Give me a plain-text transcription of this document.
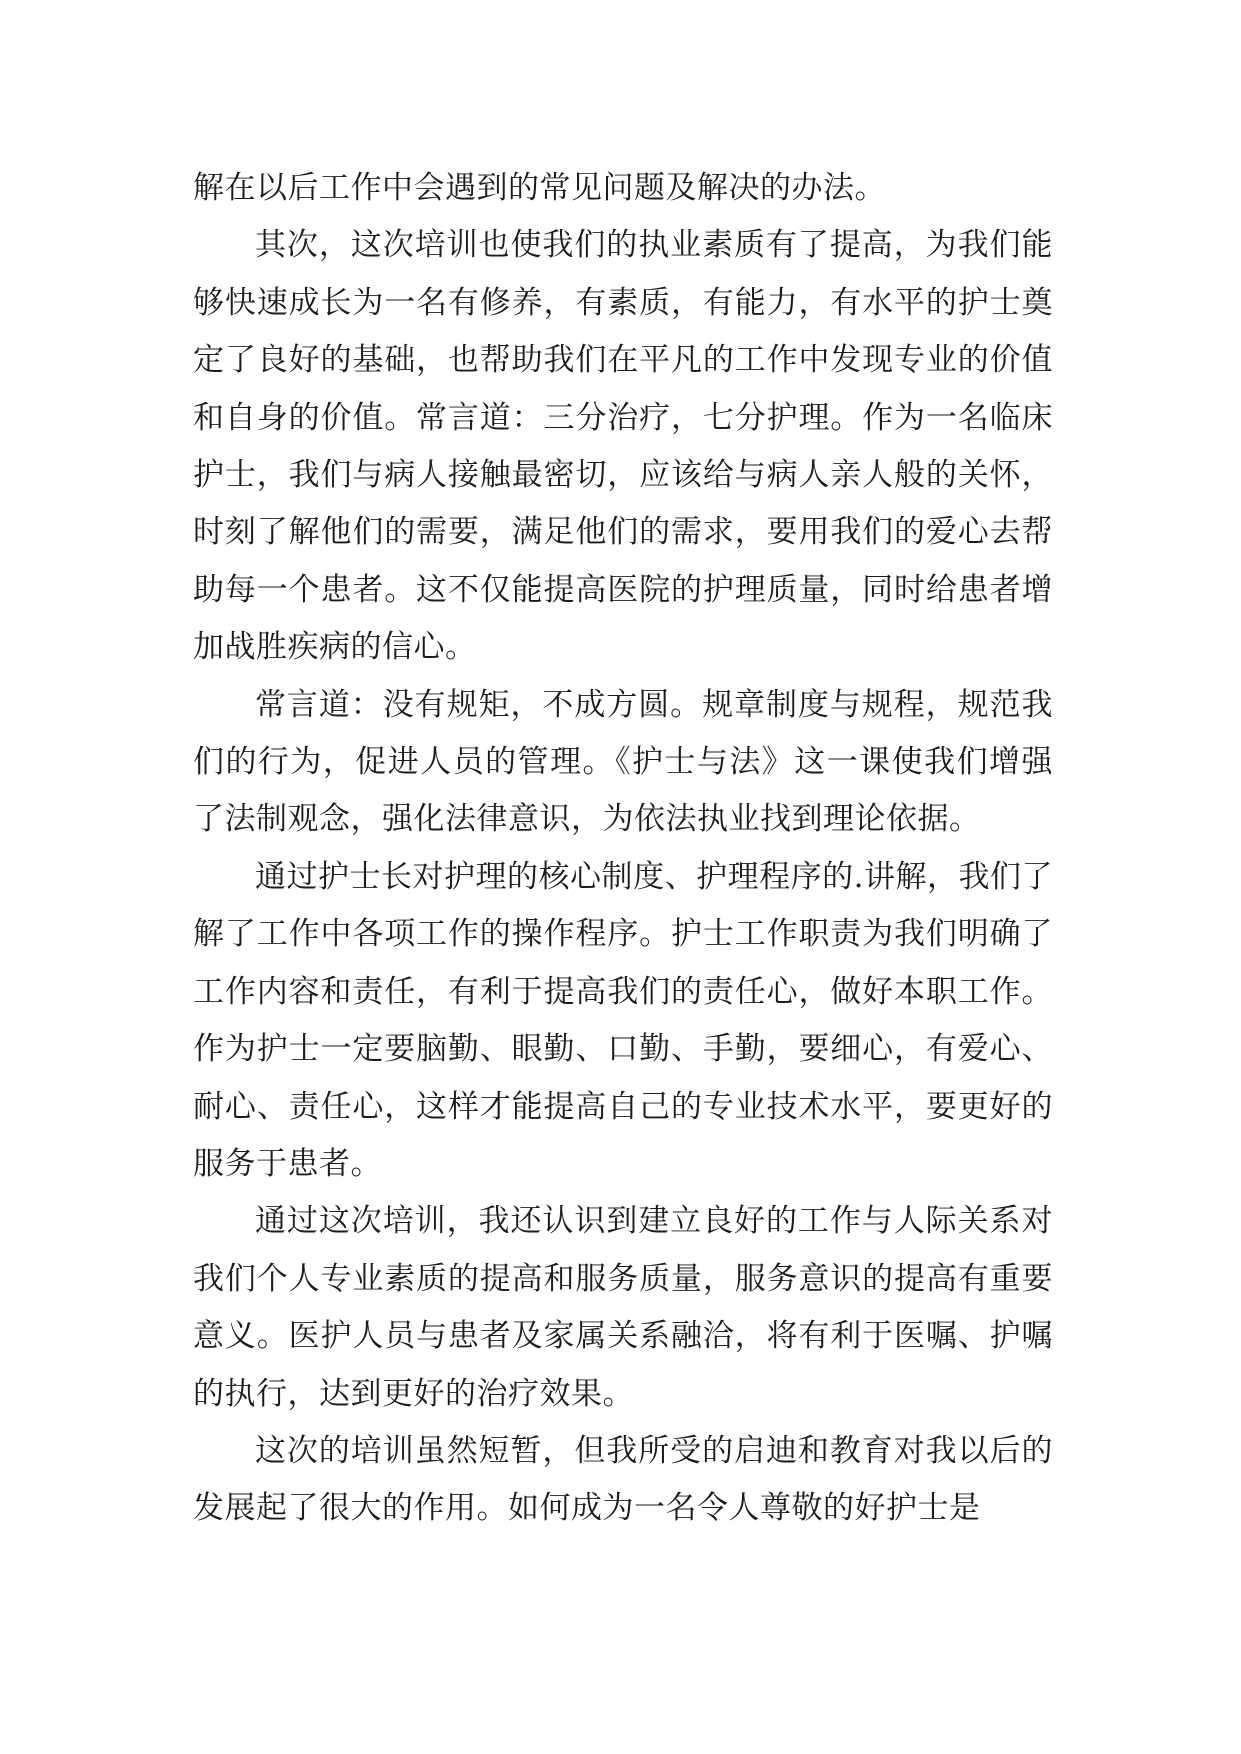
解在以后工作中会遇到的常见问题及解决的办法。

其次，这次培训也使我们的执业素质有了提高，为我们能够快速成长为一名有修养，有素质，有能力，有水平的护士奠定了良好的基础，也帮助我们在平凡的工作中发现专业的价值和自身的价值。常言道：三分治疗，七分护理。作为一名临床护士，我们与病人接触最密切，应该给与病人亲人般的关怀，时刻了解他们的需要，满足他们的需求，要用我们的爱心去帮助每一个患者。这不仅能提高医院的护理质量，同时给患者增加战胜疾病的信心。

常言道：没有规矩，不成方圆。规章制度与规程，规范我们的行为，促进人员的管理。《护士与法》这一课使我们增强了法制观念，强化法律意识，为依法执业找到理论依据。

通过护士长对护理的核心制度、护理程序的.讲解，我们了解了工作中各项工作的操作程序。护士工作职责为我们明确了工作内容和责任，有利于提高我们的责任心，做好本职工作。作为护士一定要脑勤、眼勤、口勤、手勤，要细心，有爱心、耐心、责任心，这样才能提高自己的专业技术水平，要更好的服务于患者。

通过这次培训，我还认识到建立良好的工作与人际关系对我们个人专业素质的提高和服务质量，服务意识的提高有重要意义。医护人员与患者及家属关系融洽，将有利于医嘱、护嘱的执行，达到更好的治疗效果。

这次的培训虽然短暂，但我所受的启迪和教育对我以后的发展起了很大的作用。如何成为一名令人尊敬的好护士是
